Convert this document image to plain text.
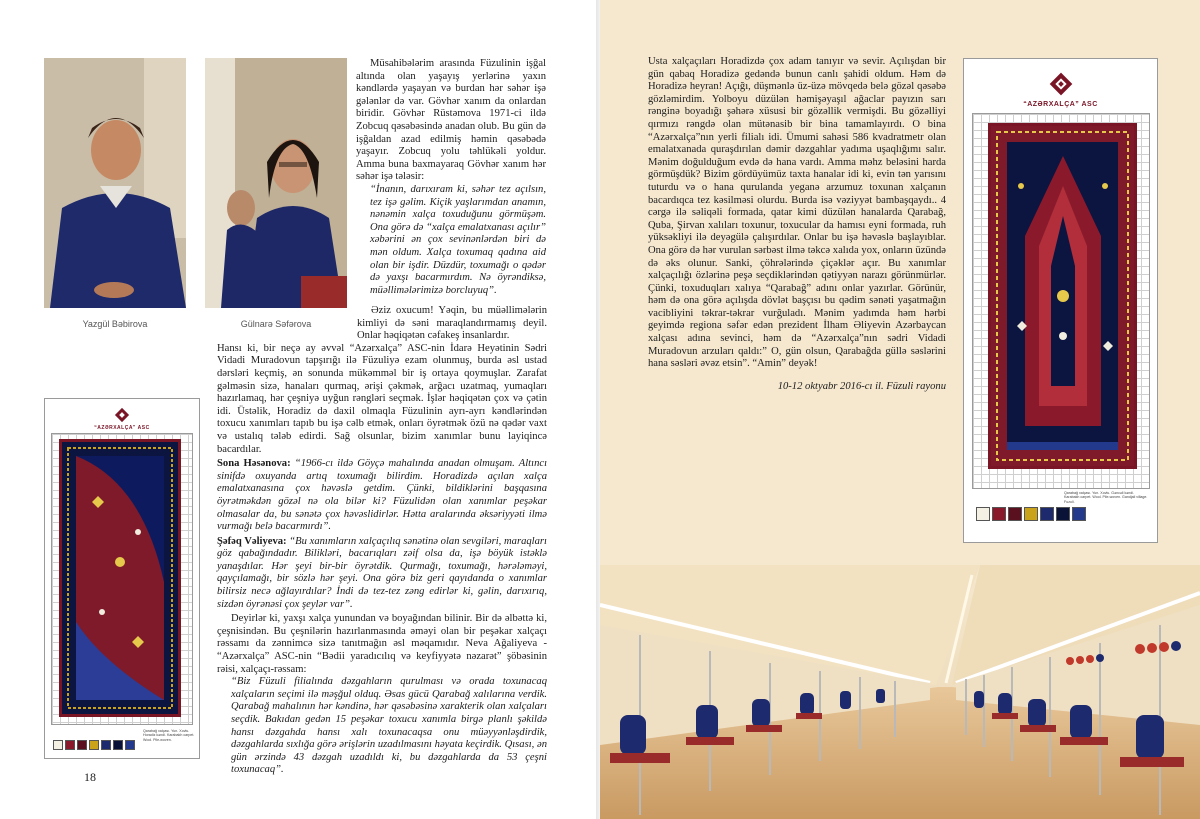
Yazgül Bəbirova	Gülnarə Səfərova
“AZƏRXALÇA” ASC
Qarabağ xalçası. Yun. Xovlu. Horadiz kəndi. Karabakh carpet. Wool. Pile-woven.

Müsahibələrim arasında Füzulinin işğal altında olan yaşayış yerlərinə yaxın kəndlərdə yaşayan və burdan hər səhər işə gələnlər də var. Gövhər xanım da onlardan biridir. Gövhər Rüstəmova 1971-ci ildə Zobcuq qəsəbəsində anadan olub. Bu gün də işğaldan azad edilmiş həmin qəsəbədə yaşayır. Zobcuq yolu təhlükəli yoldur. Amma buna baxmayaraq Gövhər xanım hər səhər işə tələsir:

“İnanın, darıxıram ki, səhər tez açılsın, tez işə gəlim. Kiçik yaşlarımdan anamın, nənəmin xalça toxuduğunu görmüşəm. Ona görə də “xalça emalatxanası açılır” xəbərini ən çox sevinənlərdən biri də mən oldum. Xalça toxumaq qadına aid olan bir işdir. Düzdür, toxumağı o qədər də yaxşı bacarmırdım. Nə öyrəndiksə, müəllimələrimizə borcluyuq”.

Əziz oxucum! Yəqin, bu müəllimələrin kimliyi də səni maraqlandırmamış deyil. Onlar həqiqətən cəfakeş insanlardır.

Hansı ki, bir neçə ay əvvəl “Azərxalça” ASC-nin İdarə Heyətinin Sədri Vidadi Muradovun tapşırığı ilə Füzuliyə ezam olunmuş, burda əsl ustad dərsləri keçmiş, ən sonunda mükəmməl bir iş ortaya qoymuşlar. Zarafat gəlməsin sizə, hanaları qurmaq, ərişi çəkmək, arğacı uzatmaq, yumaqları hazırlamaq, hər çeşniyə uyğun rəngləri seçmək. İşlər həqiqətən çox və çətin idi. Üstəlik, Horadiz də daxil olmaqla Füzulinin ayrı-ayrı kəndlərindən toxucu xanımları tapıb bu işə cəlb etmək, onları öyrətmək özü nə qədər vaxt və ustalıq tələb edirdi. Sağ olsunlar, bizim xanımlar bunu layiqincə bacardılar.

Sona Həsənova: “1966-cı ildə Göyçə mahalında anadan olmuşam. Altıncı sinifdə oxuyanda artıq toxumağı bilirdim. Horadizdə açılan xalça emalatxanasına çox həvəslə getdim. Çünki, bildiklərini başqasına öyrətməkdən gözəl nə ola bilər ki? Füzulidən olan xanımlar peşəkar olmasalar da, bu sənətə çox həvəslidirlər. Hətta aralarında əksəriyyəti ilmə vurmağı belə bacarmırdı”.

Şəfəq Vəliyeva: “Bu xanımların xalçaçılıq sənətinə olan sevgiləri, maraqları göz qabağındadır. Bilikləri, bacarıqları zəif olsa da, işə böyük istəklə yanaşdılar. Hər şeyi bir-bir öyrətdik. Qurmağı, toxumağı, hərələməyi, qayçılamağı, bir sözlə hər şeyi. Ona görə biz geri qayıdanda o xanımlar bilirsiz necə ağlayırdılar? İndi də tez-tez zəng edirlər ki, gəlin, darıxırıq, sizdən öyrənəsi çox şeylər var”.

Deyirlər ki, yaxşı xalça yunundan və boyağından bilinir. Bir də əlbəttə ki, çeşnisindən. Bu çeşnilərin hazırlanmasında əməyi olan bir peşəkar xalçaçı rəssamı da zənnimcə sizə tanıtmağın əsl məqamıdır. Neva Ağaliyeva - “Azərxalça” ASC-nin “Bədii yaradıcılıq və keyfiyyətə nəzarət” şöbəsinin rəisi, xalçaçı-rəssam:

“Biz Füzuli filialında dəzgahların qurulması və orada toxunacaq xalçaların seçimi ilə məşğul olduq. Əsas gücü Qarabağ xalılarına verdik. Qarabağ mahalının hər kəndinə, hər qəsəbəsinə xarakterik olan xalçaları seçdik. Bakıdan gedən 15 peşəkar toxucu xanımla birgə planlı şəkildə hansı dəzgahda hansı xalı toxunacaqsa onu müəyyənləşdirdik, dəzgahlarda sıxlığa görə ərişlərin uzadılmasını həyata keçirdik. Qısası, ən gün ərzində 43 dəzgah uzadıldı ki, bu dəzgahlarda da 53 çeşni toxunacaq”.

18

Usta xalçaçıları Horadizdə çox adam tanıyır və sevir. Açılışdan bir gün qabaq Horadizə gedəndə bunun canlı şahidi oldum. Həm də Horadizə heyran! Açığı, düşmənlə üz-üzə mövqedə belə gözəl qəsəbə gözləmirdim. Yolboyu düzülən həmişəyaşıl ağaclar payızın sarı rənginə boyadığı şəhərə xüsusi bir gözəllik vermişdi. Bu gözəlliyi qırmızı rəngdə olan mütənasib bir bina tamamlayırdı. O bina “Azərxalça”nın yerli filialı idi. Ümumi sahəsi 586 kvadratmetr olan emalatxanada quraşdırılan dəmir dəzgahlar yadıma uşaqlığımı salır. Mənim doğulduğum evdə də hana vardı. Amma məhz beləsini harda görmüşdük? Bizim gördüyümüz taxta hanalar idi ki, evin tən yarısını tuturdu və o hana qurulanda yeganə arzumuz toxunan xalçanın bacardıqca tez kəsilməsi olurdu. Burda isə vəziyyət bambaşqaydı.. 4 cərgə ilə səliqəli formada, qatar kimi düzülən hanalarda Qarabağ, Quba, Şirvan xalıları toxunur, toxucular da hamısı eyni formada, ruh yüksəkliyi ilə deyəgülə çalışırdılar. Onlar bu işə həvəslə başlayıblar. Ona görə də hər vurulan sərbəst ilmə təkcə xalıda yox, onların üzündə də əks olunur. Sanki, çöhrələrində çiçəklər açır. Bu xanımlar xalçaçılığı özlərinə peşə seçdiklərindən qətiyyən narazı görünmürlər. Çünki, toxuduqları xalıya “Qarabağ” adını onlar yazırlar. Görünür, həm də ona görə açılışda dövlət başçısı bu qədim sənəti yaşatmağın vacibliyini təkrar-təkrar vurğuladı. Mənim yadımda həm hərbi geyimdə regiona səfər edən prezident İlham Əliyevin Azərbaycan xalçası adına sevinci, həm də “Azərxalça”nın sədri Vidadi Muradovun arzuları qaldı:” O, gün olsun, Qarabağda güllə səslərini hana səsləri əvəz etsin”. “Amin” deyək!

10-12 oktyabr 2016-cı il. Füzuli rayonu

“AZƏRXALÇA” ASC
Qarabağ xalçası. Yun. Xovlu. Gəncəli kəndi. Karabakh carpet. Wool. Pile-woven. Gandjali village. Fuzuli.
